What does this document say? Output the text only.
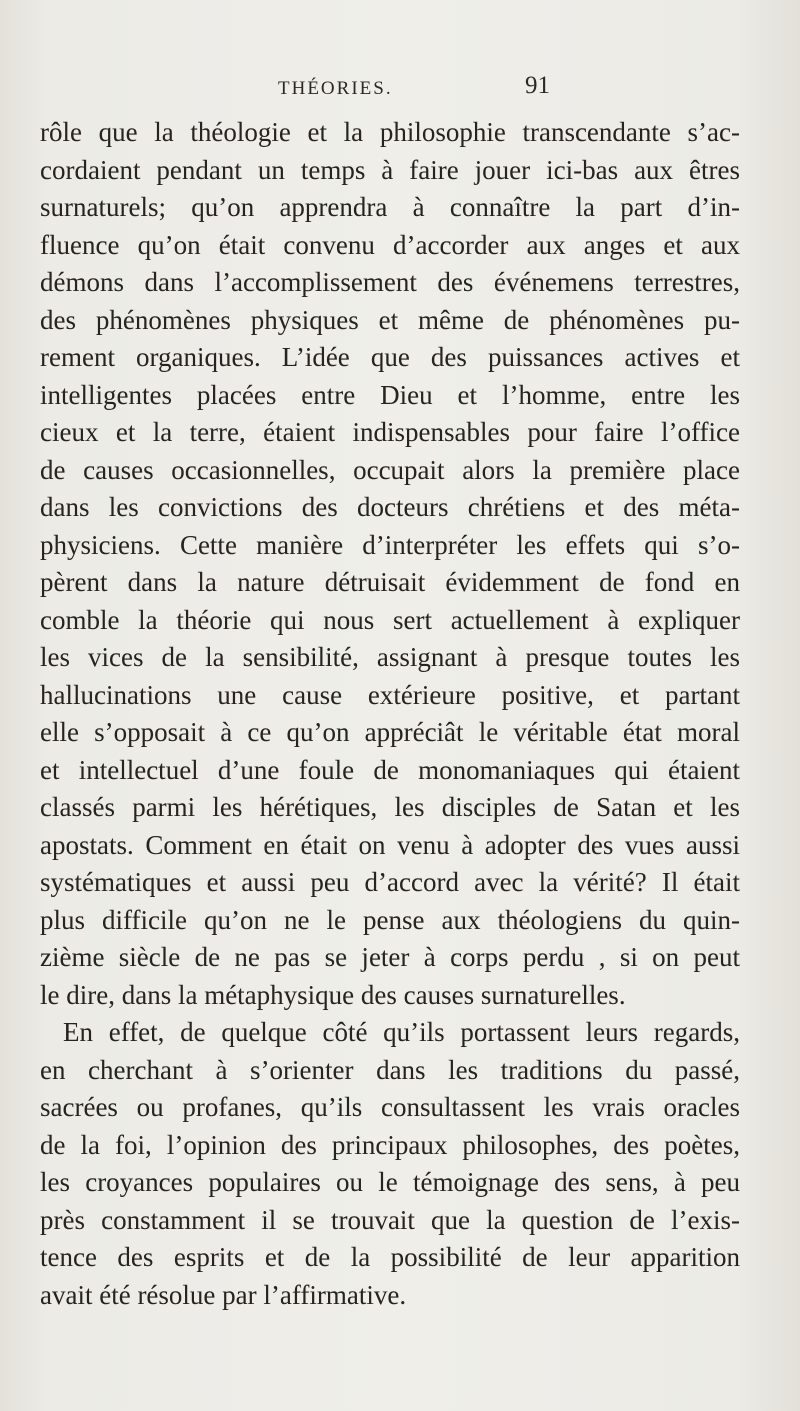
THÉORIES.	91
rôle que la théologie et la philosophie transcendante s’ac-
cordaient pendant un temps à faire jouer ici-bas aux êtres
surnaturels; qu’on apprendra à connaître la part d’in-
fluence qu’on était convenu d’accorder aux anges et aux
démons dans l’accomplissement des événemens terrestres,
des phénomènes physiques et même de phénomènes pu-
rement organiques. L’idée que des puissances actives et
intelligentes placées entre Dieu et l’homme, entre les
cieux et la terre, étaient indispensables pour faire l’office
de causes occasionnelles, occupait alors la première place
dans les convictions des docteurs chrétiens et des méta-
physiciens. Cette manière d’interpréter les effets qui s’o-
pèrent dans la nature détruisait évidemment de fond en
comble la théorie qui nous sert actuellement à expliquer
les vices de la sensibilité, assignant à presque toutes les
hallucinations une cause extérieure positive, et partant
elle s’opposait à ce qu’on appréciât le véritable état moral
et intellectuel d’une foule de monomaniaques qui étaient
classés parmi les hérétiques, les disciples de Satan et les
apostats. Comment en était on venu à adopter des vues aussi
systématiques et aussi peu d’accord avec la vérité? Il était
plus difficile qu’on ne le pense aux théologiens du quin-
zième siècle de ne pas se jeter à corps perdu , si on peut
le dire, dans la métaphysique des causes surnaturelles.
En effet, de quelque côté qu’ils portassent leurs regards,
en cherchant à s’orienter dans les traditions du passé,
sacrées ou profanes, qu’ils consultassent les vrais oracles
de la foi, l’opinion des principaux philosophes, des poètes,
les croyances populaires ou le témoignage des sens, à peu
près constamment il se trouvait que la question de l’exis-
tence des esprits et de la possibilité de leur apparition
avait été résolue par l’affirmative.
